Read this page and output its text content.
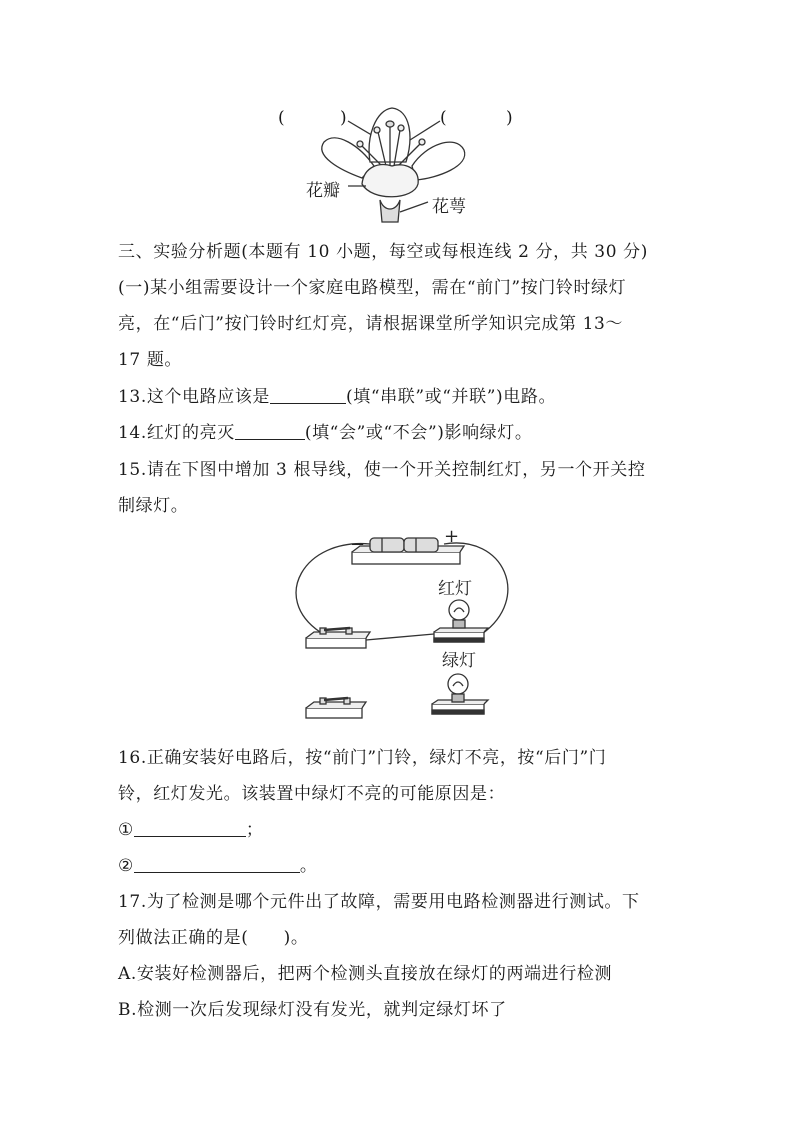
(	)	(	)
花瓣
花萼
三、实验分析题(本题有 10 小题，每空或每根连线 2 分，共 30 分)
(一)某小组需要设计一个家庭电路模型，需在“前门”按门铃时绿灯
亮，在“后门”按门铃时红灯亮，请根据课堂所学知识完成第 13～
17 题。
13.这个电路应该是	(填“串联”或“并联”)电路。
14.红灯的亮灭	(填“会”或“不会”)影响绿灯。
15.请在下图中增加 3 根导线，使一个开关控制红灯，另一个开关控
制绿灯。
−	+
红灯
绿灯
16.正确安装好电路后，按“前门”门铃，绿灯不亮，按“后门”门
铃，红灯发光。该装置中绿灯不亮的可能原因是：
①	；
②	。
17.为了检测是哪个元件出了故障，需要用电路检测器进行测试。下
列做法正确的是(　　)。
A.安装好检测器后，把两个检测头直接放在绿灯的两端进行检测
B.检测一次后发现绿灯没有发光，就判定绿灯坏了
